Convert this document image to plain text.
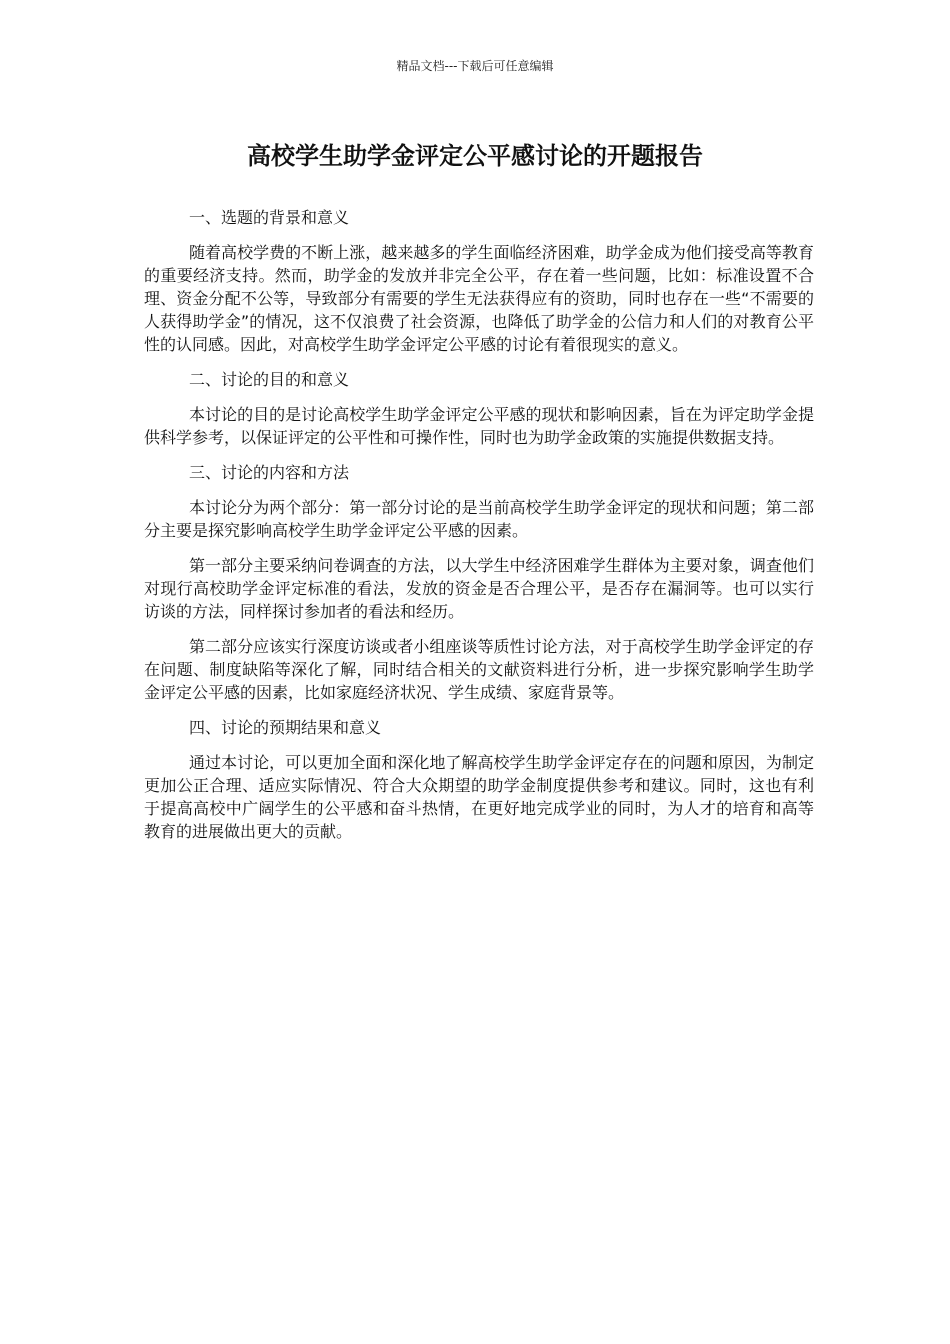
精品文档---下载后可任意编辑
高校学生助学金评定公平感讨论的开题报告

一、选题的背景和意义

随着高校学费的不断上涨，越来越多的学生面临经济困难，助学金成为他们接受高等教育的重要经济支持。然而，助学金的发放并非完全公平，存在着一些问题，比如：标准设置不合理、资金分配不公等，导致部分有需要的学生无法获得应有的资助，同时也存在一些“不需要的人获得助学金”的情况，这不仅浪费了社会资源，也降低了助学金的公信力和人们的对教育公平性的认同感。因此，对高校学生助学金评定公平感的讨论有着很现实的意义。

二、讨论的目的和意义

本讨论的目的是讨论高校学生助学金评定公平感的现状和影响因素，旨在为评定助学金提供科学参考，以保证评定的公平性和可操作性，同时也为助学金政策的实施提供数据支持。

三、讨论的内容和方法

本讨论分为两个部分：第一部分讨论的是当前高校学生助学金评定的现状和问题；第二部分主要是探究影响高校学生助学金评定公平感的因素。

第一部分主要采纳问卷调查的方法，以大学生中经济困难学生群体为主要对象，调查他们对现行高校助学金评定标准的看法，发放的资金是否合理公平，是否存在漏洞等。也可以实行访谈的方法，同样探讨参加者的看法和经历。

第二部分应该实行深度访谈或者小组座谈等质性讨论方法，对于高校学生助学金评定的存在问题、制度缺陷等深化了解，同时结合相关的文献资料进行分析，进一步探究影响学生助学金评定公平感的因素，比如家庭经济状况、学生成绩、家庭背景等。

四、讨论的预期结果和意义

通过本讨论，可以更加全面和深化地了解高校学生助学金评定存在的问题和原因，为制定更加公正合理、适应实际情况、符合大众期望的助学金制度提供参考和建议。同时，这也有利于提高高校中广阔学生的公平感和奋斗热情，在更好地完成学业的同时，为人才的培育和高等教育的进展做出更大的贡献。
